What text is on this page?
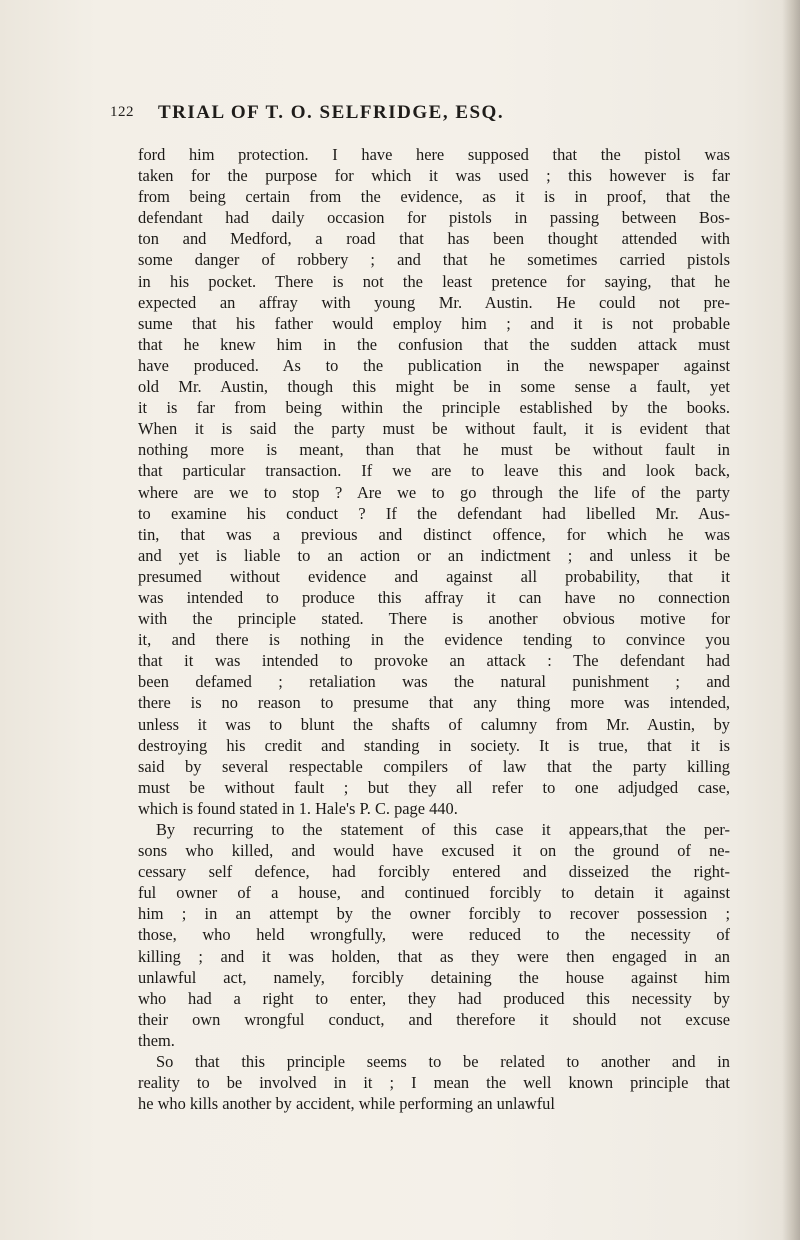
122 TRIAL OF T. O. SELFRIDGE, ESQ.
ford him protection. I have here supposed that the pistol was
taken for the purpose for which it was used ; this however is far
from being certain from the evidence, as it is in proof, that the
defendant had daily occasion for pistols in passing between Bos-
ton and Medford, a road that has been thought attended with
some danger of robbery ; and that he sometimes carried pistols
in his pocket. There is not the least pretence for saying, that he
expected an affray with young Mr. Austin. He could not pre-
sume that his father would employ him ; and it is not probable
that he knew him in the confusion that the sudden attack must
have produced. As to the publication in the newspaper against
old Mr. Austin, though this might be in some sense a fault, yet
it is far from being within the principle established by the books.
When it is said the party must be without fault, it is evident that
nothing more is meant, than that he must be without fault in
that particular transaction. If we are to leave this and look back,
where are we to stop ? Are we to go through the life of the party
to examine his conduct ? If the defendant had libelled Mr. Aus-
tin, that was a previous and distinct offence, for which he was
and yet is liable to an action or an indictment ; and unless it be
presumed without evidence and against all probability, that it
was intended to produce this affray it can have no connection
with the principle stated. There is another obvious motive for
it, and there is nothing in the evidence tending to convince you
that it was intended to provoke an attack : The defendant had
been defamed ; retaliation was the natural punishment ; and
there is no reason to presume that any thing more was intended,
unless it was to blunt the shafts of calumny from Mr. Austin, by
destroying his credit and standing in society. It is true, that it is
said by several respectable compilers of law that the party killing
must be without fault ; but they all refer to one adjudged case,
which is found stated in 1. Hale's P. C. page 440.
By recurring to the statement of this case it appears,that the per-
sons who killed, and would have excused it on the ground of ne-
cessary self defence, had forcibly entered and disseized the right-
ful owner of a house, and continued forcibly to detain it against
him ; in an attempt by the owner forcibly to recover possession ;
those, who held wrongfully, were reduced to the necessity of
killing ; and it was holden, that as they were then engaged in an
unlawful act, namely, forcibly detaining the house against him
who had a right to enter, they had produced this necessity by
their own wrongful conduct, and therefore it should not excuse
them.
So that this principle seems to be related to another and in
reality to be involved in it ; I mean the well known principle that
he who kills another by accident, while performing an unlawful
